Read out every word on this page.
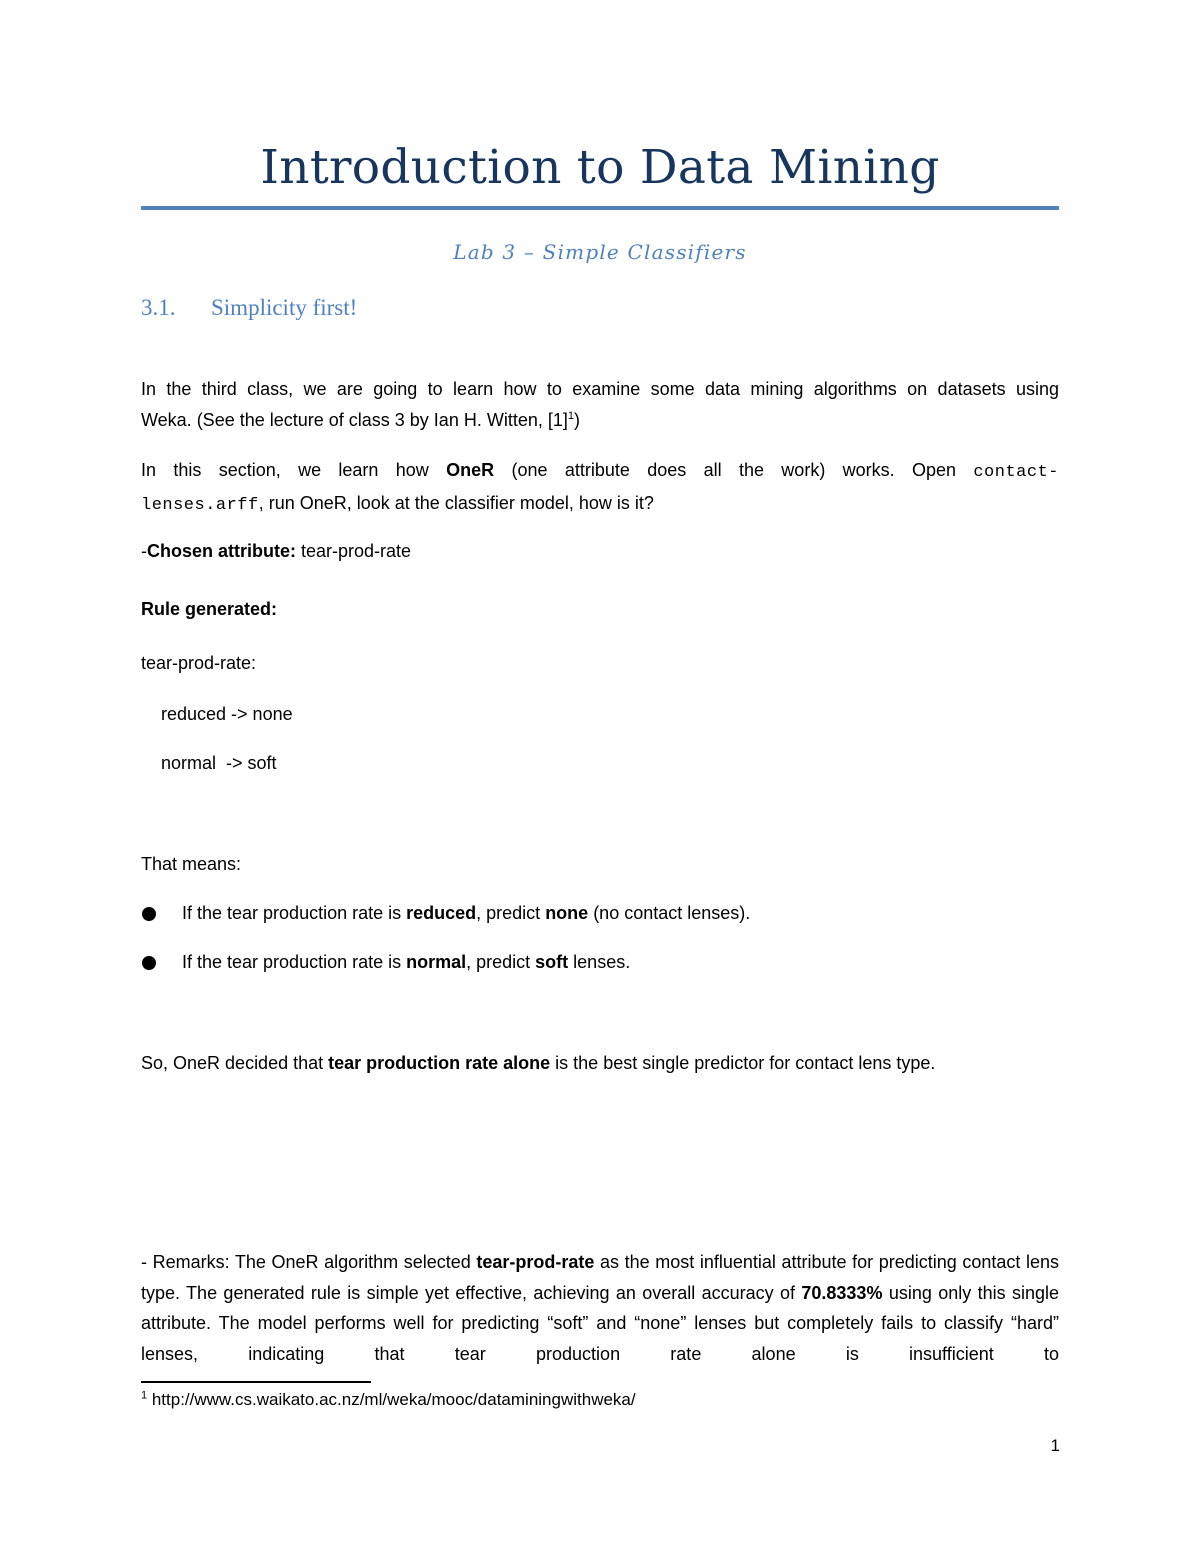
Introduction to Data Mining
Lab 3 – Simple Classifiers
3.1. Simplicity first!
In the third class, we are going to learn how to examine some data mining algorithms on datasets using
Weka. (See the lecture of class 3 by Ian H. Witten, $[1]^1$)
In this section, we learn how OneR (one attribute does all the work) works. Open contact-
lenses.arff, run OneR, look at the classifier model, how is it?
-Chosen attribute: tear-prod-rate
Rule generated:
tear-prod-rate:
reduced -> none
normal  -> soft
That means:
If the tear production rate is reduced, predict none (no contact lenses).
If the tear production rate is normal, predict soft lenses.
So, OneR decided that tear production rate alone is the best single predictor for contact lens type.
- Remarks: The OneR algorithm selected tear-prod-rate as the most influential attribute for predicting contact lens type. The generated rule is simple yet effective, achieving an overall accuracy of 70.8333% using only this single attribute. The model performs well for predicting “soft” and “none” lenses but completely fails to classify “hard” lenses, indicating that tear production rate alone is insufficient to
$^1$ http://www.cs.waikato.ac.nz/ml/weka/mooc/dataminingwithweka/
1
